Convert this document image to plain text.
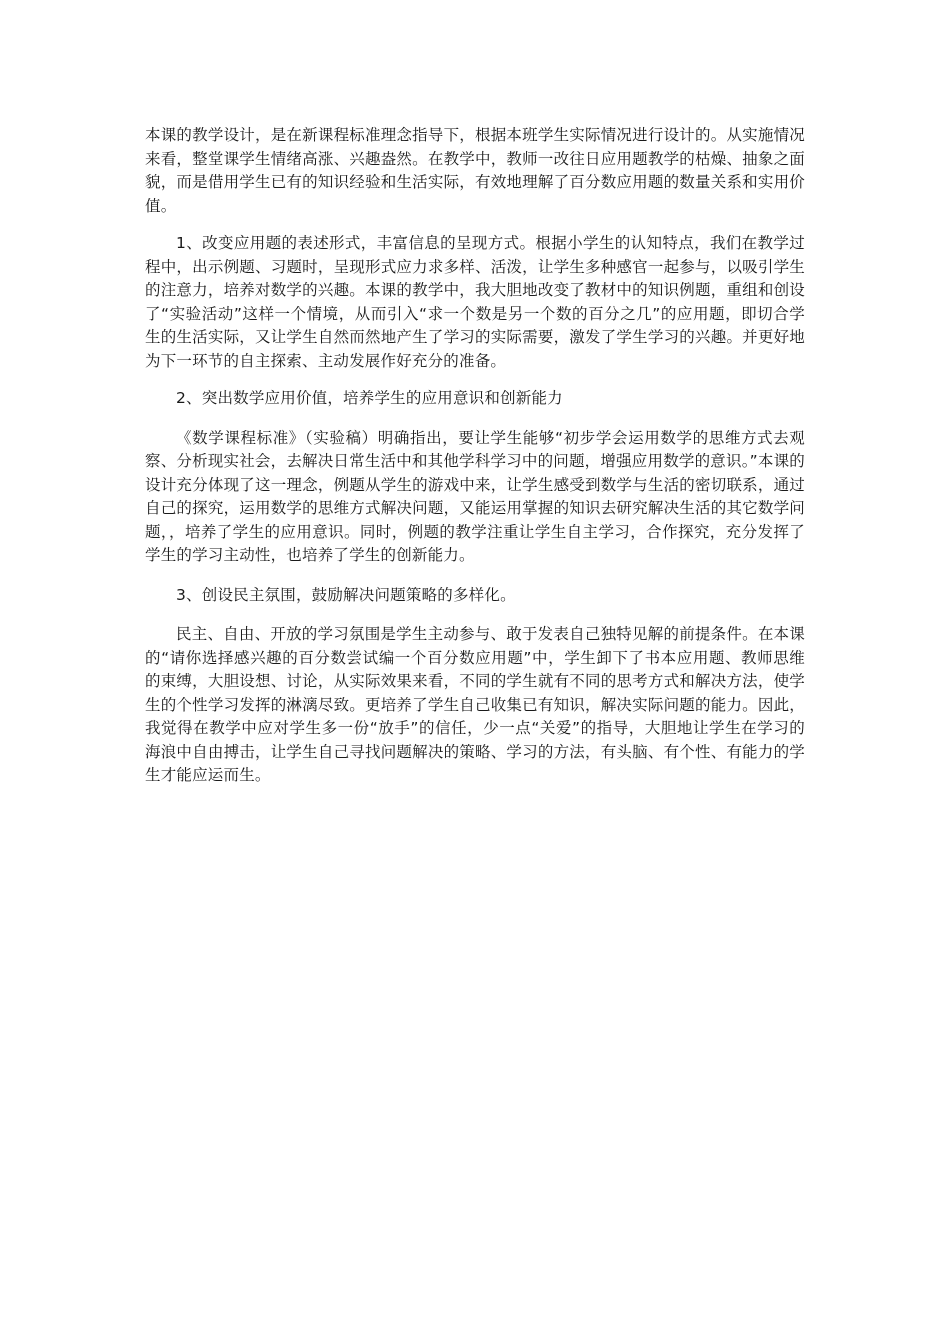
本课的教学设计，是在新课程标准理念指导下，根据本班学生实际情况进行设计的。从实施情况来看，整堂课学生情绪高涨、兴趣盎然。在教学中，教师一改往日应用题教学的枯燥、抽象之面貌，而是借用学生已有的知识经验和生活实际，有效地理解了百分数应用题的数量关系和实用价值。

1、改变应用题的表述形式，丰富信息的呈现方式。根据小学生的认知特点，我们在教学过程中，出示例题、习题时，呈现形式应力求多样、活泼，让学生多种感官一起参与，以吸引学生的注意力，培养对数学的兴趣。本课的教学中，我大胆地改变了教材中的知识例题，重组和创设了“实验活动”这样一个情境，从而引入“求一个数是另一个数的百分之几”的应用题，即切合学生的生活实际，又让学生自然而然地产生了学习的实际需要，激发了学生学习的兴趣。并更好地为下一环节的自主探索、主动发展作好充分的准备。

2、突出数学应用价值，培养学生的应用意识和创新能力

《数学课程标准》（实验稿）明确指出，要让学生能够“初步学会运用数学的思维方式去观察、分析现实社会，去解决日常生活中和其他学科学习中的问题，增强应用数学的意识。”本课的设计充分体现了这一理念，例题从学生的游戏中来，让学生感受到数学与生活的密切联系，通过自己的探究，运用数学的思维方式解决问题，又能运用掌握的知识去研究解决生活的其它数学问题，，培养了学生的应用意识。同时，例题的教学注重让学生自主学习，合作探究，充分发挥了学生的学习主动性，也培养了学生的创新能力。

3、创设民主氛围，鼓励解决问题策略的多样化。

民主、自由、开放的学习氛围是学生主动参与、敢于发表自己独特见解的前提条件。在本课的“请你选择感兴趣的百分数尝试编一个百分数应用题”中，学生卸下了书本应用题、教师思维的束缚，大胆设想、讨论，从实际效果来看，不同的学生就有不同的思考方式和解决方法，使学生的个性学习发挥的淋漓尽致。更培养了学生自己收集已有知识，解决实际问题的能力。因此，我觉得在教学中应对学生多一份“放手”的信任，少一点“关爱”的指导，大胆地让学生在学习的海浪中自由搏击，让学生自己寻找问题解决的策略、学习的方法，有头脑、有个性、有能力的学生才能应运而生。
